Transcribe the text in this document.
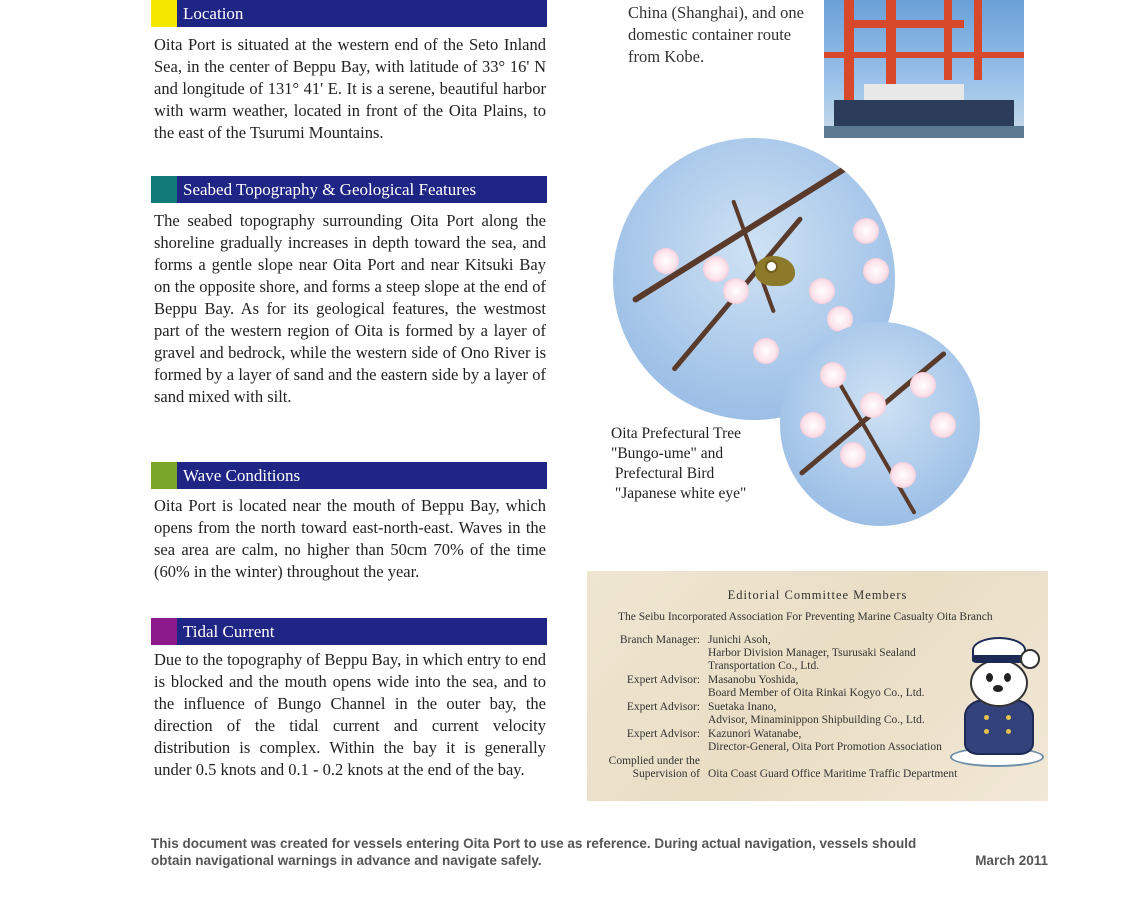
Location
Oita Port is situated at the western end of the Seto Inland Sea, in the center of Beppu Bay, with latitude of 33° 16' N and longitude of 131° 41' E. It is a serene, beautiful harbor with warm weather, located in front of the Oita Plains, to the east of the Tsurumi Mountains.
Seabed Topography & Geological Features
The seabed topography surrounding Oita Port along the shoreline gradually increases in depth toward the sea, and forms a gentle slope near Oita Port and near Kitsuki Bay on the opposite shore, and forms a steep slope at the end of Beppu Bay. As for its geological features, the westmost part of the western region of Oita is formed by a layer of gravel and bedrock, while the western side of Ono River is formed by a layer of sand and the eastern side by a layer of sand mixed with silt.
Wave Conditions
Oita Port is located near the mouth of Beppu Bay, which opens from the north toward east-north-east. Waves in the sea area are calm, no higher than 50cm 70% of the time (60% in the winter) throughout the year.
Tidal Current
Due to the topography of Beppu Bay, in which entry to end is blocked and the mouth opens wide into the sea, and to the influence of Bungo Channel in the outer bay, the direction of the tidal current and current velocity distribution is complex. Within the bay it is generally under 0.5 knots and 0.1 - 0.2 knots at the end of the bay.
China (Shanghai), and one domestic container route from Kobe.
Oita Prefectural Tree
"Bungo-ume" and
Prefectural Bird
"Japanese white eye"
Editorial Committee Members
The Seibu Incorporated Association For Preventing Marine Casualty Oita Branch
Branch Manager: Junichi Asoh,
Harbor Division Manager, Tsurusaki Sealand
Transportation Co., Ltd.
Expert Advisor: Masanobu Yoshida,
Board Member of Oita Rinkai Kogyo Co., Ltd.
Expert Advisor: Suetaka Inano,
Advisor, Minaminippon Shipbuilding Co., Ltd.
Expert Advisor: Kazunori Watanabe,
Director-General, Oita Port Promotion Association
Complied under the
Supervision of Oita Coast Guard Office Maritime Traffic Department
This document was created for vessels entering Oita Port to use as reference. During actual navigation, vessels should
obtain navigational warnings in advance and navigate safely.	March 2011
